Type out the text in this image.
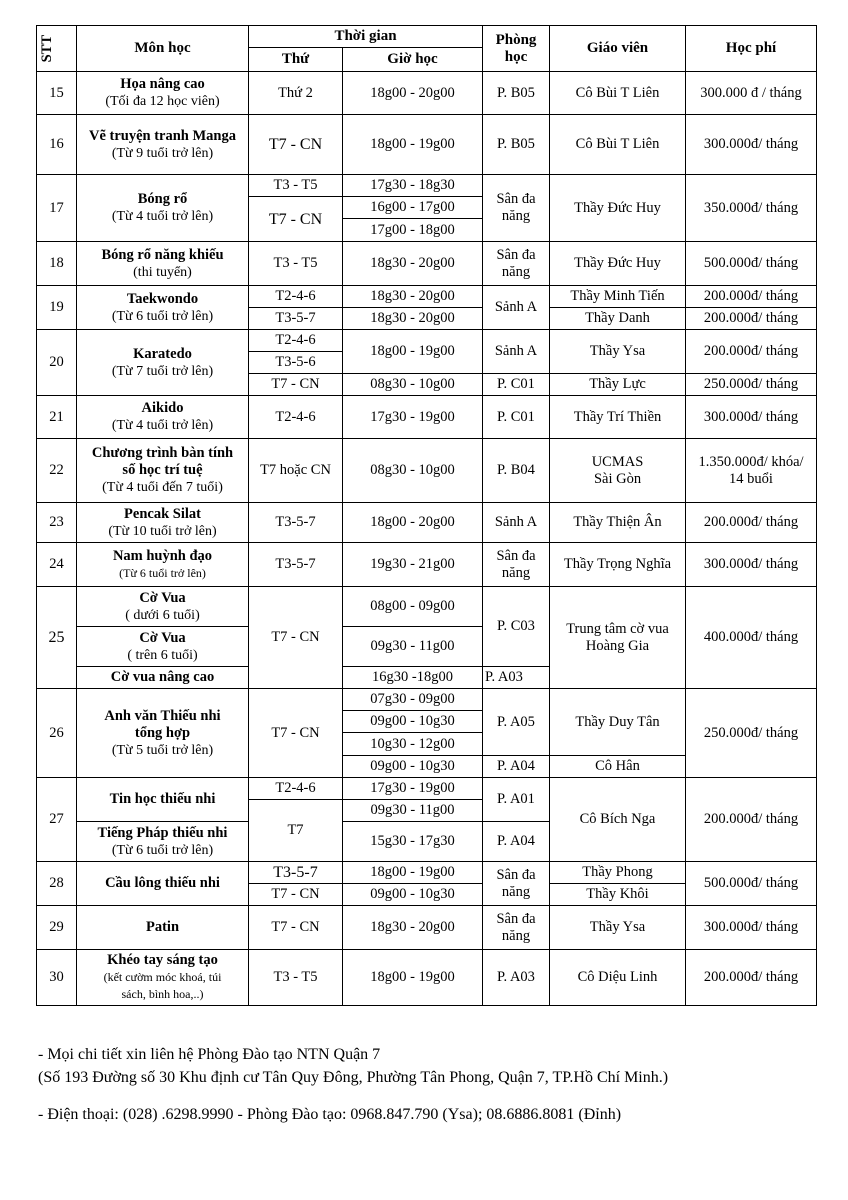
STT	Môn học	Thời gian		Phòng
học	Giáo viên	Học phí
		Thứ	Giờ học			
15	Họa nâng cao
(Tối đa 12 học viên)	Thứ 2	18g00 - 20g00	P. B05	Cô Bùi T Liên	300.000 đ / tháng
16	Vẽ truyện tranh Manga
(Từ 9 tuổi trở lên)	T7 - CN	18g00 - 19g00	P. B05	Cô Bùi T Liên	300.000đ/ tháng
17	Bóng rổ
(Từ 4 tuổi trở lên)	T3 - T5	17g30 - 18g30	Sân đa
năng	Thầy Đức Huy	350.000đ/ tháng
		T7 - CN	16g00 - 17g00			
			17g00 - 18g00			
18	Bóng rổ năng khiếu
(thi tuyển)	T3 - T5	18g30 - 20g00	Sân đa
năng	Thầy Đức Huy	500.000đ/ tháng
19	Taekwondo
(Từ 6 tuổi trở lên)	T2-4-6	18g30 - 20g00	Sảnh A	Thầy Minh Tiến	200.000đ/ tháng
		T3-5-7	18g30 - 20g00		Thầy Danh	200.000đ/ tháng
20	Karatedo
(Từ 7 tuổi trở lên)	T2-4-6	18g00 - 19g00	Sảnh A	Thầy Ysa	200.000đ/ tháng
		T3-5-6				
		T7 - CN	08g30 - 10g00	P. C01	Thầy Lực	250.000đ/ tháng
21	Aikido
(Từ 4 tuổi trở lên)	T2-4-6	17g30 - 19g00	P. C01	Thầy Trí Thiền	300.000đ/ tháng
22	Chương trình bàn tính
số học trí tuệ
(Từ 4 tuổi đến 7 tuổi)	T7 hoặc CN	08g30 - 10g00	P. B04	UCMAS
Sài Gòn	1.350.000đ/ khóa/
14 buổi
23	Pencak Silat
(Từ 10 tuổi trở lên)	T3-5-7	18g00 - 20g00	Sảnh A	Thầy Thiện Ân	200.000đ/ tháng
24	Nam huỳnh đạo
(Từ 6 tuổi trở lên)	T3-5-7	19g30 - 21g00	Sân đa
năng	Thầy Trọng Nghĩa	300.000đ/ tháng
25	Cờ Vua
( dưới 6 tuổi)	T7 - CN	08g00 - 09g00	P. C03	Trung tâm cờ vua
Hoàng Gia	400.000đ/ tháng
	Cờ Vua
( trên 6 tuổi)		09g30 - 11g00			
	Cờ vua nâng cao		16g30 -18g00	P. A03		
26	Anh văn Thiếu nhi
tổng hợp
(Từ 5 tuổi trở lên)	T7 - CN	07g30 - 09g00	P. A05	Thầy Duy Tân	250.000đ/ tháng
			09g00 - 10g30			
			10g30 - 12g00			
			09g00 - 10g30	P. A04	Cô Hân	
27	Tin học thiếu nhi	T2-4-6	17g30 - 19g00	P. A01	Cô Bích Nga	200.000đ/ tháng
		T7	09g30 - 11g00			
	Tiếng Pháp thiếu nhi
(Từ 6 tuổi trở lên)		15g30 - 17g30	P. A04		
28	Cầu lông thiếu nhi	T3-5-7	18g00 - 19g00	Sân đa
năng	Thầy Phong	500.000đ/ tháng
		T7 - CN	09g00 - 10g30		Thầy Khôi	
29	Patin	T7 - CN	18g30 - 20g00	Sân đa
năng	Thầy Ysa	300.000đ/ tháng
30	Khéo tay sáng tạo
(kết cườm móc khoá, túi
sách, bình hoa,..)	T3 - T5	18g00 - 19g00	P. A03	Cô Diệu Linh	200.000đ/ tháng

- Mọi chi tiết xin liên hệ Phòng Đào tạo NTN Quận 7

(Số 193 Đường số 30 Khu định cư Tân Quy Đông, Phường Tân Phong, Quận 7, TP.Hồ Chí Minh.)

- Điện thoại: (028) .6298.9990 - Phòng Đào tạo: 0968.847.790 (Ysa); 08.6886.8081 (Đỉnh)
